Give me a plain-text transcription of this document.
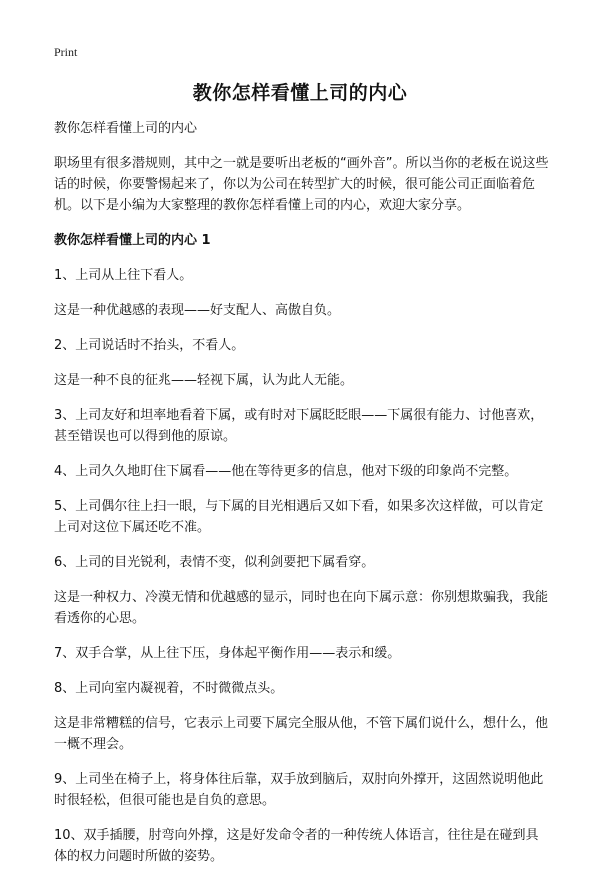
Print
教你怎样看懂上司的内心

教你怎样看懂上司的内心

职场里有很多潜规则，其中之一就是要听出老板的“画外音”。所以当你的老板在说这些话的时候，你要警惕起来了，你以为公司在转型扩大的时候，很可能公司正面临着危机。以下是小编为大家整理的教你怎样看懂上司的内心，欢迎大家分享。

教你怎样看懂上司的内心 1

1、上司从上往下看人。

这是一种优越感的表现——好支配人、高傲自负。

2、上司说话时不抬头，不看人。

这是一种不良的征兆——轻视下属，认为此人无能。

3、上司友好和坦率地看着下属，或有时对下属眨眨眼——下属很有能力、讨他喜欢，甚至错误也可以得到他的原谅。

4、上司久久地盯住下属看——他在等待更多的信息，他对下级的印象尚不完整。

5、上司偶尔往上扫一眼，与下属的目光相遇后又如下看，如果多次这样做，可以肯定上司对这位下属还吃不准。

6、上司的目光锐利，表情不变，似利剑要把下属看穿。

这是一种权力、冷漠无情和优越感的显示，同时也在向下属示意：你别想欺骗我，我能看透你的心思。

7、双手合掌，从上往下压，身体起平衡作用——表示和缓。

8、上司向室内凝视着，不时微微点头。

这是非常糟糕的信号，它表示上司要下属完全服从他，不管下属们说什么，想什么，他一概不理会。

9、上司坐在椅子上，将身体往后靠，双手放到脑后，双肘向外撑开，这固然说明他此时很轻松，但很可能也是自负的意思。

10、双手插腰，肘弯向外撑，这是好发命令者的一种传统人体语言，往往是在碰到具体的权力问题时所做的姿势。
